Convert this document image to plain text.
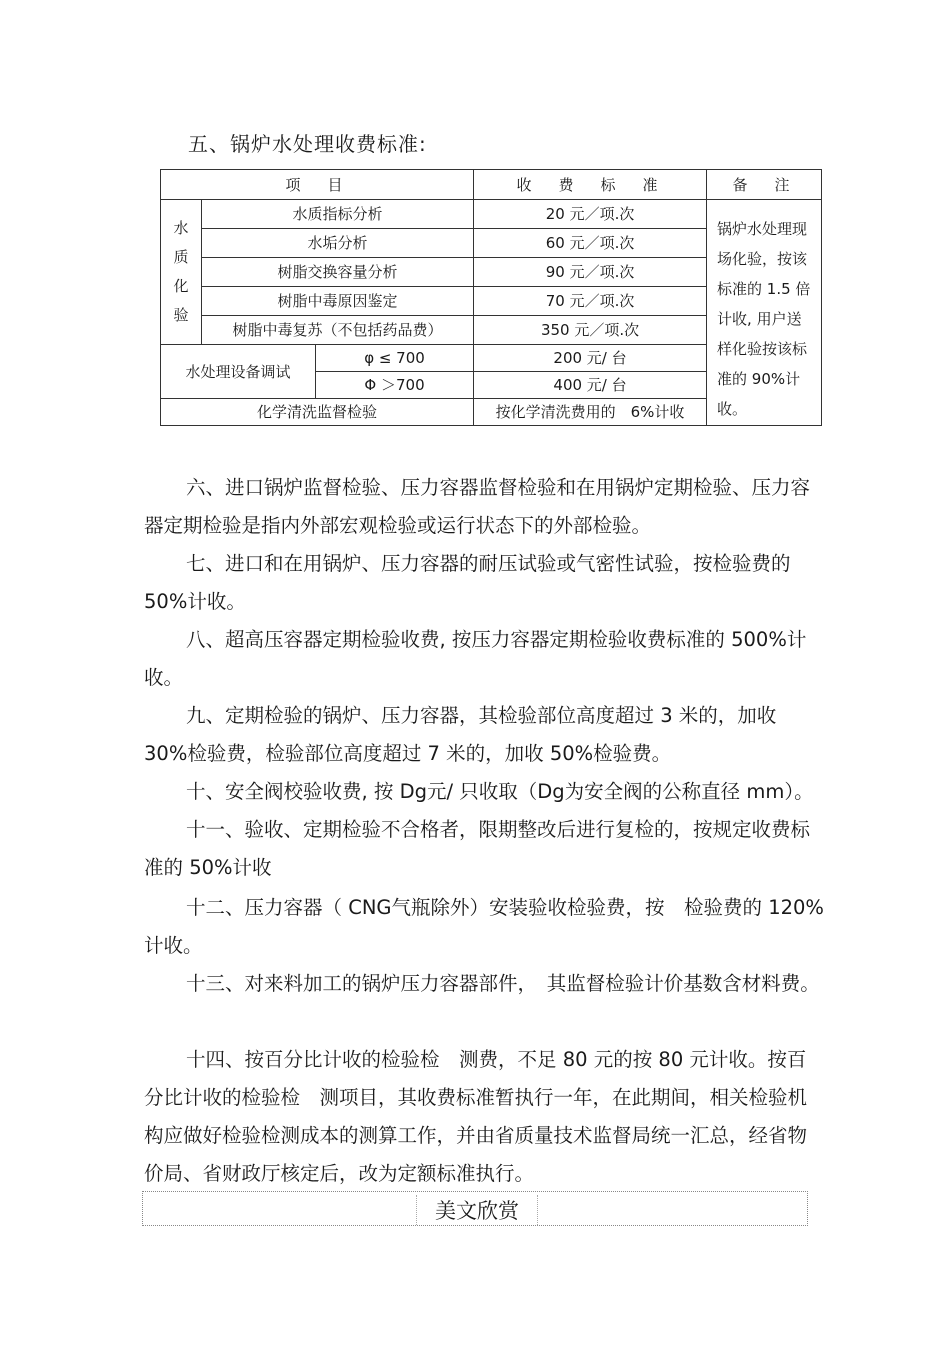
五、锅炉水处理收费标准:
项　目			收　费　标　准	备　注

水
质
化
验	水质指标分析		20 元／项.次	锅炉水处理现场化验，按该标准的 1.5 倍计收, 用户送样化验按该标准的 90%计收。
	水垢分析		60 元／项.次	
	树脂交换容量分析		90 元／项.次	
	树脂中毒原因鉴定		70 元／项.次	
	树脂中毒复苏（不包括药品费）		350 元／项.次	
水处理设备调试		φ ≤ 700	200 元/ 台	
		Φ ＞700	400 元/ 台	
化学清洗监督检验			按化学清洗费用的　6%计收	

六、进口锅炉监督检验、压力容器监督检验和在用锅炉定期检验、压力容器定期检验是指内外部宏观检验或运行状态下的外部检验。

七、进口和在用锅炉、压力容器的耐压试验或气密性试验，按检验费的 50%计收。

八、超高压容器定期检验收费, 按压力容器定期检验收费标准的 500%计收。

九、定期检验的锅炉、压力容器，其检验部位高度超过 3 米的，加收 30%检验费，检验部位高度超过 7 米的，加收 50%检验费。

十、安全阀校验收费, 按 Dg元/ 只收取（Dg为安全阀的公称直径 mm）。

十一、验收、定期检验不合格者，限期整改后进行复检的，按规定收费标准的 50%计收

十二、压力容器（ CNG气瓶除外）安装验收检验费，按　检验费的 120%计收。

十三、对来料加工的锅炉压力容器部件，　其监督检验计价基数含材料费。

十四、按百分比计收的检验检　测费，不足 80 元的按 80 元计收。按百分比计收的检验检　测项目，其收费标准暂执行一年，在此期间，相关检验机构应做好检验检测成本的测算工作，并由省质量技术监督局统一汇总，经省物价局、省财政厅核定后，改为定额标准执行。

美文欣赏
